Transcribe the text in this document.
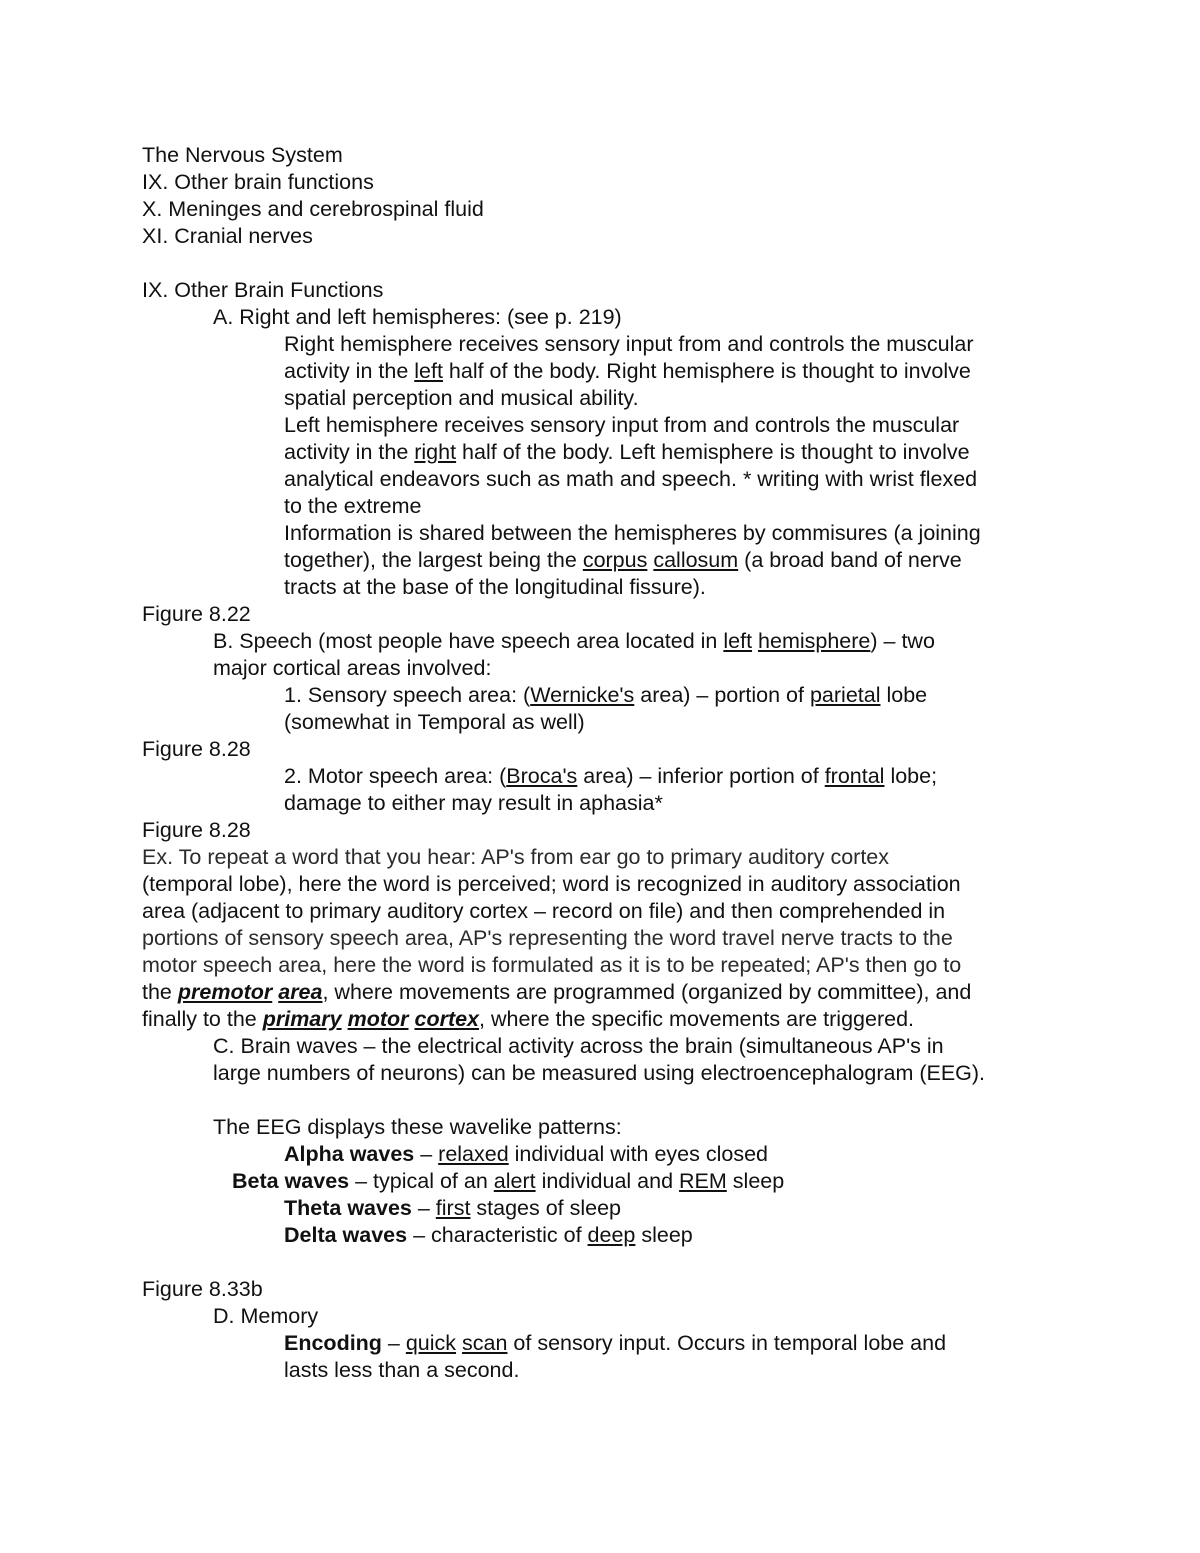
The Nervous System
IX. Other brain functions
X. Meninges and cerebrospinal fluid
XI. Cranial nerves
IX. Other Brain Functions
A. Right and left hemispheres: (see p. 219)
Right hemisphere receives sensory input from and controls the muscular
activity in the left half of the body. Right hemisphere is thought to involve
spatial perception and musical ability.
Left hemisphere receives sensory input from and controls the muscular
activity in the right half of the body. Left hemisphere is thought to involve
analytical endeavors such as math and speech. * writing with wrist flexed
to the extreme
Information is shared between the hemispheres by commisures (a joining
together), the largest being the corpus callosum (a broad band of nerve
tracts at the base of the longitudinal fissure).
Figure 8.22
B. Speech (most people have speech area located in left hemisphere) – two
major cortical areas involved:
1. Sensory speech area: (Wernicke's area) – portion of parietal lobe
(somewhat in Temporal as well)
Figure 8.28
2. Motor speech area: (Broca's area) – inferior portion of frontal lobe;
damage to either may result in aphasia*
Figure 8.28
Ex. To repeat a word that you hear: AP's from ear go to primary auditory cortex
(temporal lobe), here the word is perceived; word is recognized in auditory association
area (adjacent to primary auditory cortex – record on file) and then comprehended in
portions of sensory speech area, AP's representing the word travel nerve tracts to the
motor speech area, here the word is formulated as it is to be repeated; AP's then go to
the premotor area, where movements are programmed (organized by committee), and
finally to the primary motor cortex, where the specific movements are triggered.
C. Brain waves – the electrical activity across the brain (simultaneous AP's in
large numbers of neurons) can be measured using electroencephalogram (EEG).
The EEG displays these wavelike patterns:
Alpha waves – relaxed individual with eyes closed
Beta waves – typical of an alert individual and REM sleep
Theta waves – first stages of sleep
Delta waves – characteristic of deep sleep
Figure 8.33b
D. Memory
Encoding – quick scan of sensory input. Occurs in temporal lobe and
lasts less than a second.
